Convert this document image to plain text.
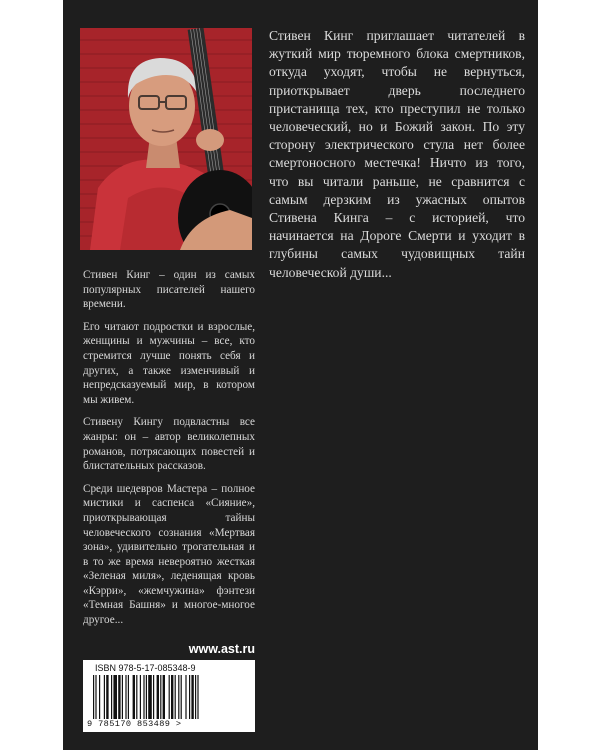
Стивен Кинг – один из самых популярных писателей нашего времени.

Его читают подростки и взрослые, женщины и мужчины – все, кто стремится лучше понять себя и других, а также изменчивый и непредсказуемый мир, в котором мы живем.

Стивену Кингу подвластны все жанры: он – автор великолепных романов, потрясающих повестей и блистательных рассказов.

Среди шедевров Мастера – полное мистики и саспенса «Сияние», приоткрывающая тайны человеческого сознания «Мертвая зона», удивительно трогательная и в то же время невероятно жесткая «Зеленая миля», леденящая кровь «Кэрри», «жемчужина» фэнтези «Темная Башня» и многое-многое другое...

Стивен Кинг приглашает читателей в жуткий мир тюремного блока смертников, откуда уходят, чтобы не вернуться, приоткрывает дверь последнего пристанища тех, кто преступил не только человеческий, но и Божий закон. По эту сторону электрического стула нет более смертоносного местечка! Ничто из того, что вы читали раньше, не сравнится с самым дерзким из ужасных опытов Стивена Кинга – с историей, что начинается на Дороге Смерти и уходит в глубины самых чудовищных тайн человеческой души...

www.ast.ru
ISBN 978-5-17-085348-9
9 785170 853489 >
